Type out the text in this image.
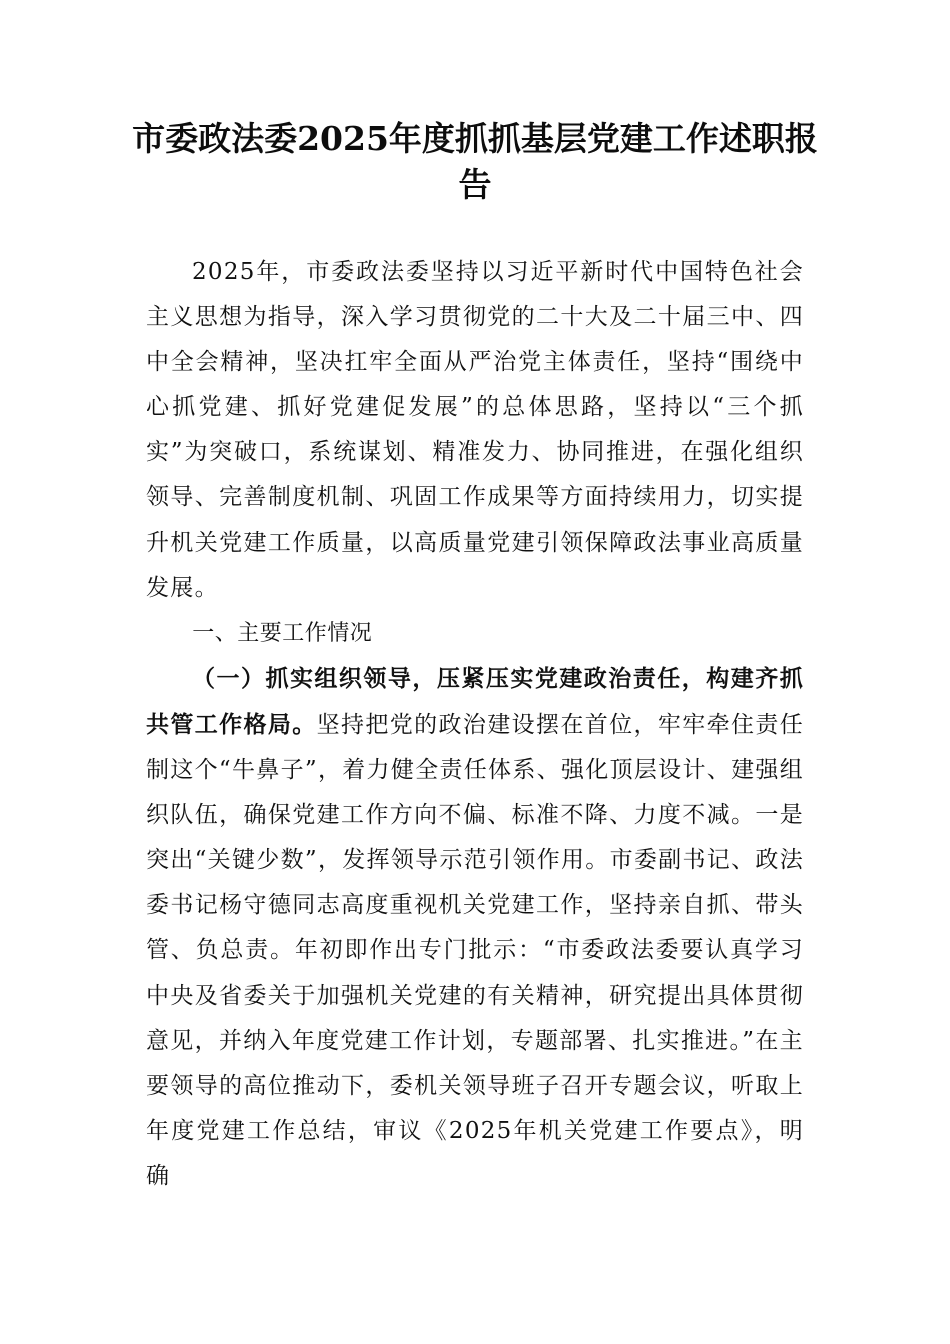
市委政法委2025年度抓抓基层党建工作述职报告

2025年，市委政法委坚持以习近平新时代中国特色社会主义思想为指导，深入学习贯彻党的二十大及二十届三中、四中全会精神，坚决扛牢全面从严治党主体责任，坚持“围绕中心抓党建、抓好党建促发展”的总体思路，坚持以“三个抓实”为突破口，系统谋划、精准发力、协同推进，在强化组织领导、完善制度机制、巩固工作成果等方面持续用力，切实提升机关党建工作质量，以高质量党建引领保障政法事业高质量发展。

一、主要工作情况

（一）抓实组织领导，压紧压实党建政治责任，构建齐抓共管工作格局。坚持把党的政治建设摆在首位，牢牢牵住责任制这个“牛鼻子”，着力健全责任体系、强化顶层设计、建强组织队伍，确保党建工作方向不偏、标准不降、力度不减。一是突出“关键少数”，发挥领导示范引领作用。市委副书记、政法委书记杨守德同志高度重视机关党建工作，坚持亲自抓、带头管、负总责。年初即作出专门批示：“市委政法委要认真学习中央及省委关于加强机关党建的有关精神，研究提出具体贯彻意见，并纳入年度党建工作计划，专题部署、扎实推进。”在主要领导的高位推动下，委机关领导班子召开专题会议，听取上年度党建工作总结，审议《2025年机关党建工作要点》，明确
